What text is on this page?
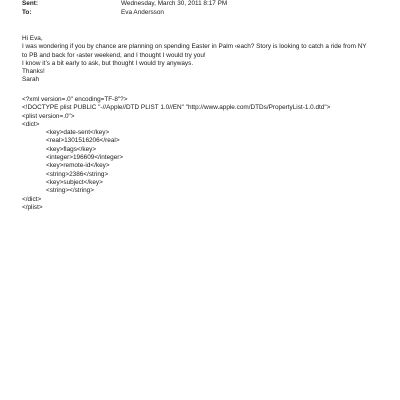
Sent:	Wednesday, March 30, 2011 8:17 PM
To:	Eva Andersson
Hi Eva,
I was wondering if you by chance are planning on spending Easter in Palm ‹each? Story is looking to catch a ride from NY
to PB and back for ‹aster weekend, and I thought I would try you!
I know it’s a bit early to ask, but thought I would try anyways.
Thanks!
Sarah
<?xml version=.0" encoding=TF-8"?>
<!DOCTYPE plist PUBLIC "-//Apple//DTD PLIST 1.0//EN" "http://www.apple.com/DTDs/PropertyList-1.0.dtd">
<plist version=.0">
<dict>
<key>date-sent</key>
<real>1301516206</real>
<key>flags</key>
<integer>196609</integer>
<key>remote-id</key>
<string>2386</string>
<key>subject</key>
<string></string>
</dict>
</plist>
